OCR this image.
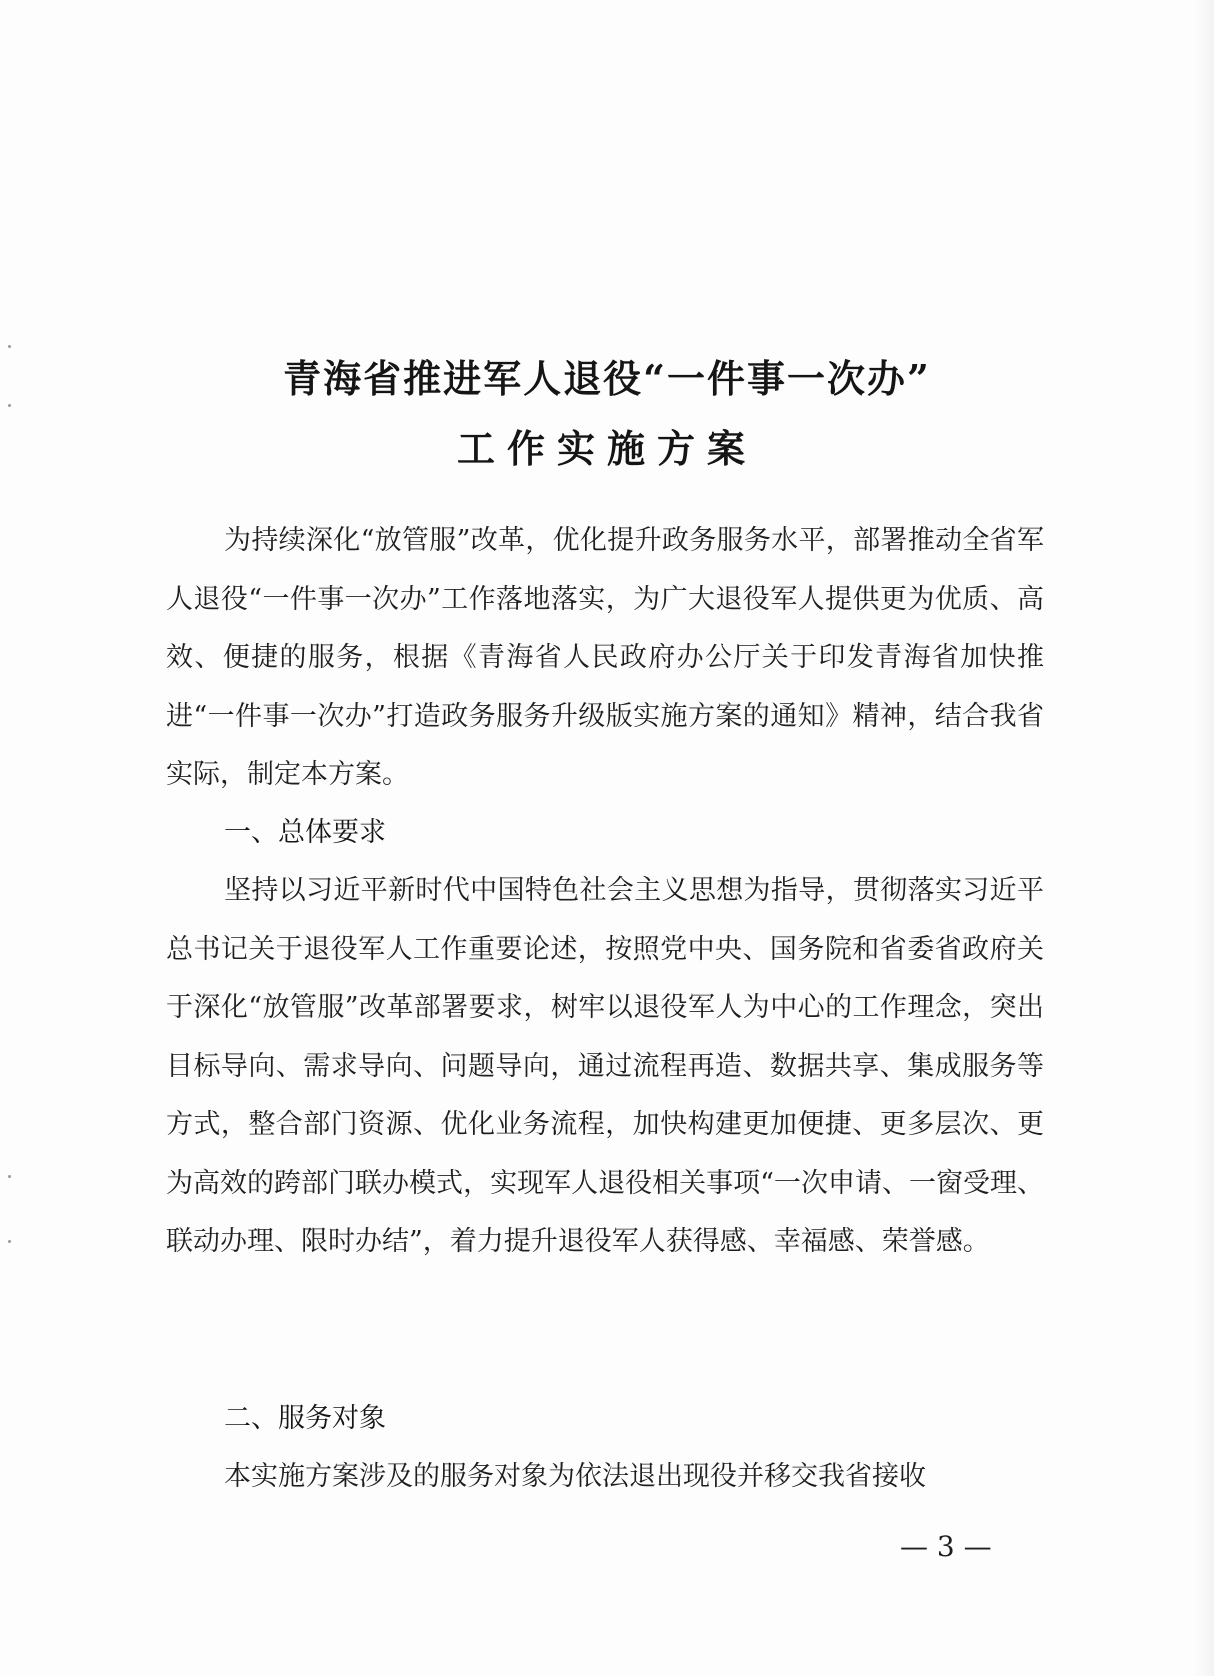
青海省推进军人退役“一件事一次办”
工作实施方案
为持续深化“放管服”改革，优化提升政务服务水平，部署推动全省军人退役“一件事一次办”工作落地落实，为广大退役军人提供更为优质、高效、便捷的服务，根据《青海省人民政府办公厅关于印发青海省加快推进“一件事一次办”打造政务服务升级版实施方案的通知》精神，结合我省实际，制定本方案。
一、总体要求
坚持以习近平新时代中国特色社会主义思想为指导，贯彻落实习近平总书记关于退役军人工作重要论述，按照党中央、国务院和省委省政府关于深化“放管服”改革部署要求，树牢以退役军人为中心的工作理念，突出目标导向、需求导向、问题导向，通过流程再造、数据共享、集成服务等方式，整合部门资源、优化业务流程，加快构建更加便捷、更多层次、更为高效的跨部门联办模式，实现军人退役相关事项“一次申请、一窗受理、联动办理、限时办结”，着力提升退役军人获得感、幸福感、荣誉感。
二、服务对象
本实施方案涉及的服务对象为依法退出现役并移交我省接收
— 3 —
